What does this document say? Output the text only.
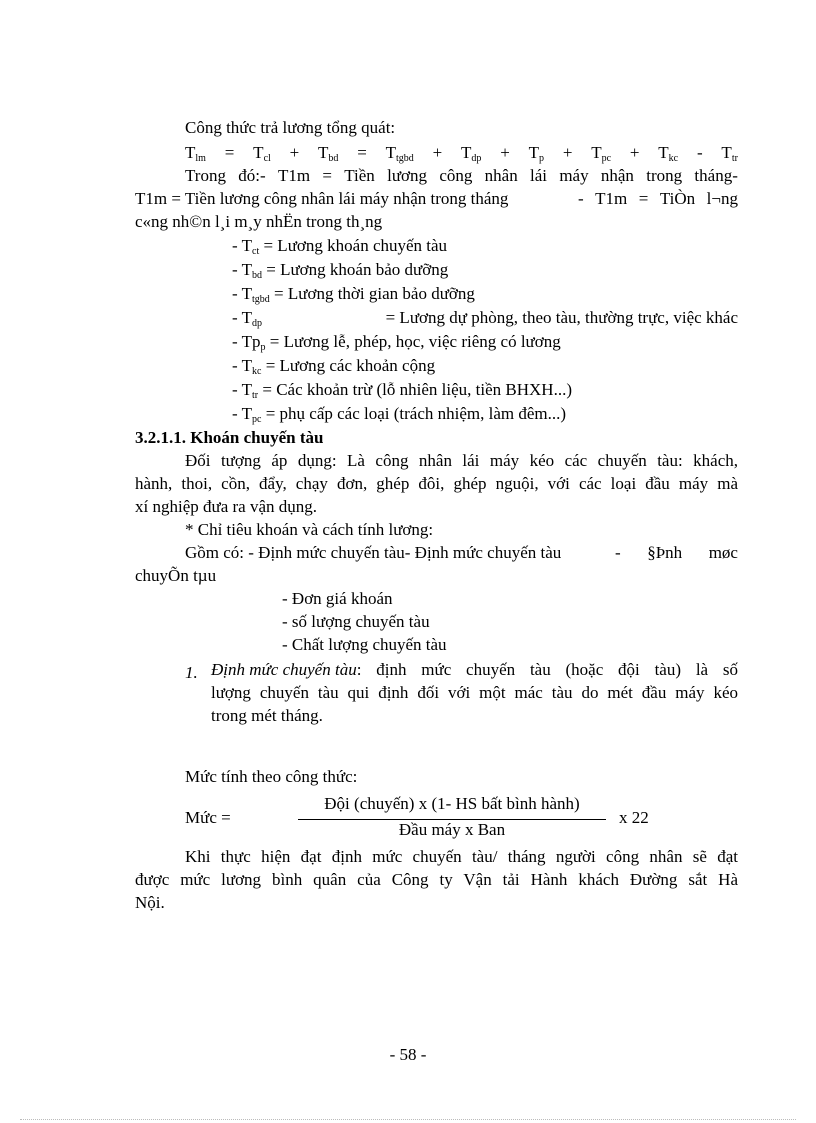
Công thức trả lương tổng quát:
$T_{lm} = T_{cl} + T_{bd} = T_{tgbd} + T_{dp} + T_p + T_{pc} + T_{kc} - T_{tr}$
Trong đó:- T1m = Tiền lương công nhân lái máy nhận trong tháng-
T1m = Tiền lương công nhân lái máy nhận trong tháng	- T1m = TiÒn l¬ng
c«ng nh©n l¸i m¸y nhËn trong th¸ng
- $T_{ct}$ = Lương khoán chuyến tàu
- $T_{bd}$ = Lương khoán bảo dưỡng
- $T_{tgbd}$ = Lương thời gian bảo dưỡng
- $T_{dp}$	= Lương dự phòng, theo tàu, thường trực, việc khác
- $Tp_p$ = Lương lễ, phép, học, việc riêng có lương
- $T_{kc}$ = Lương các khoản cộng
- $T_{tr}$ = Các khoản trừ (lỗ nhiên liệu, tiền BHXH...)
- $T_{pc}$ = phụ cấp các loại (trách nhiệm, làm đêm...)
3.2.1.1. Khoán chuyến tàu
Đối tượng áp dụng: Là công nhân lái máy kéo các chuyến tàu: khách,
hành, thoi, cồn, đẩy, chạy đơn, ghép đôi, ghép nguội, với các loại đầu máy mà
xí nghiệp đưa ra vận dụng.
* Chỉ tiêu khoán và cách tính lương:
Gồm có: - Định mức chuyến tàu- Định mức chuyến tàu	- §Þnh møc
chuyÕn tµu
- Đơn giá khoán
- số lượng chuyến tàu
- Chất lượng chuyến tàu
1. Định mức chuyến tàu : định mức chuyến tàu (hoặc đội tàu) là số
lượng chuyến tàu qui định đối với một mác tàu do mét đầu máy kéo
trong mét tháng.
Mức tính theo công thức:
Mức =
Đội (chuyến) x (1- HS bất bình hành)
Đầu máy x Ban
x 22
Khi thực hiện đạt định mức chuyến tàu/ tháng người công nhân sẽ đạt
được mức lương bình quân của Công ty Vận tải Hành khách Đường sắt Hà
Nội.
- 58 -
